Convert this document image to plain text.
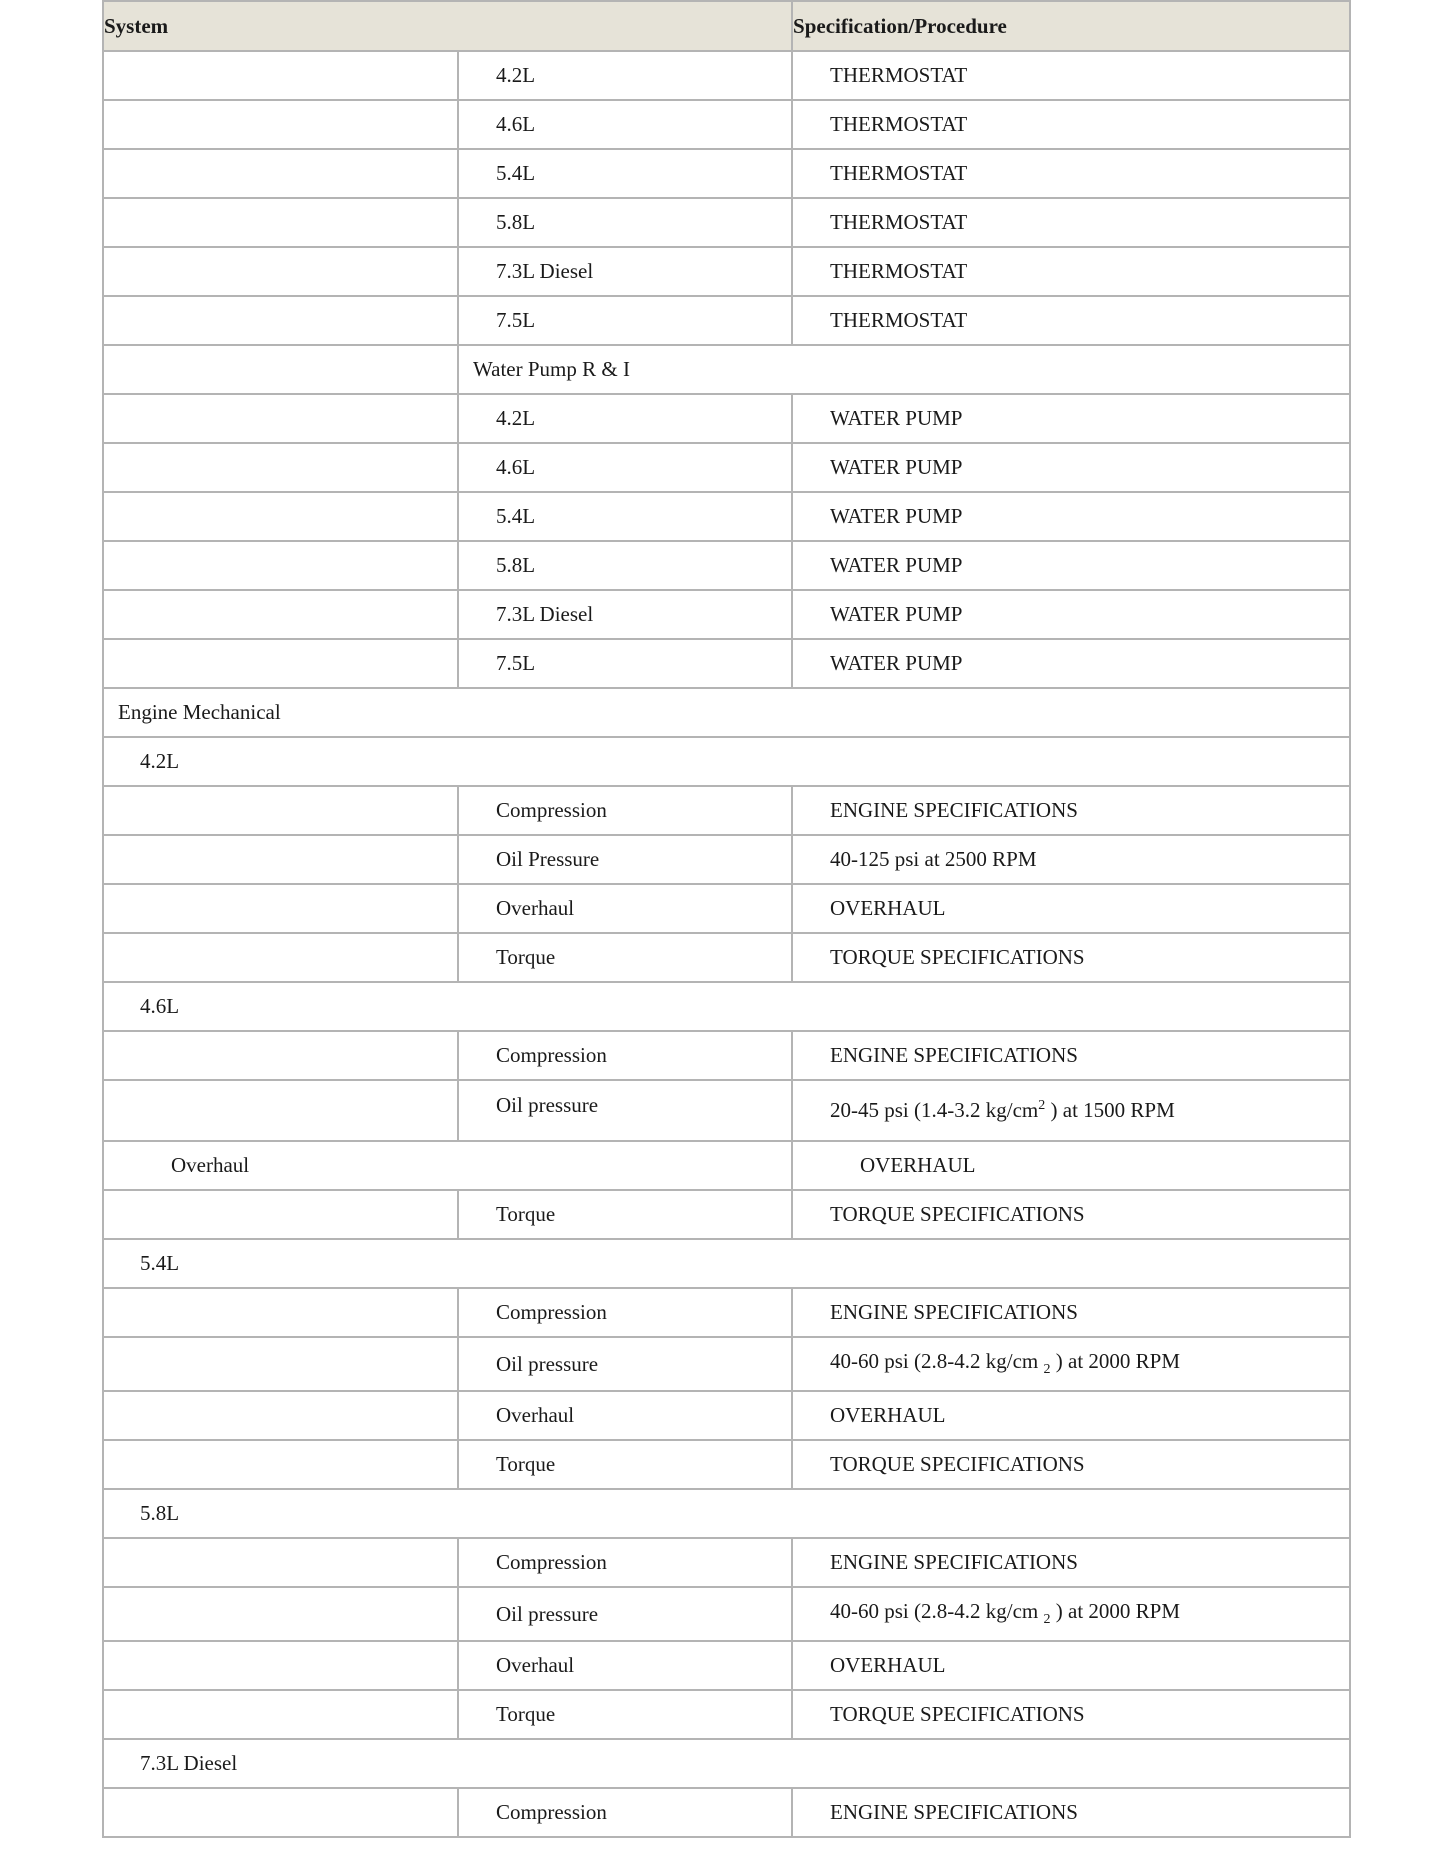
System		Specification/Procedure
	4.2L	THERMOSTAT
	4.6L	THERMOSTAT
	5.4L	THERMOSTAT
	5.8L	THERMOSTAT
	7.3L Diesel	THERMOSTAT
	7.5L	THERMOSTAT
	Water Pump R & I	
	4.2L	WATER PUMP
	4.6L	WATER PUMP
	5.4L	WATER PUMP
	5.8L	WATER PUMP
	7.3L Diesel	WATER PUMP
	7.5L	WATER PUMP
Engine Mechanical		
4.2L		
	Compression	ENGINE SPECIFICATIONS
	Oil Pressure	40-125 psi at 2500 RPM
	Overhaul	OVERHAUL
	Torque	TORQUE SPECIFICATIONS
4.6L		
	Compression	ENGINE SPECIFICATIONS
	Oil pressure	20-45 psi (1.4-3.2 $kg/cm^2$ ) at 1500 RPM
Overhaul		OVERHAUL
	Torque	TORQUE SPECIFICATIONS
5.4L		
	Compression	ENGINE SPECIFICATIONS
	Oil pressure	40-60 psi (2.8-4.2 kg/cm $_2$ ) at 2000 RPM
	Overhaul	OVERHAUL
	Torque	TORQUE SPECIFICATIONS
5.8L		
	Compression	ENGINE SPECIFICATIONS
	Oil pressure	40-60 psi (2.8-4.2 kg/cm $_2$ ) at 2000 RPM
	Overhaul	OVERHAUL
	Torque	TORQUE SPECIFICATIONS
7.3L Diesel		
	Compression	ENGINE SPECIFICATIONS
